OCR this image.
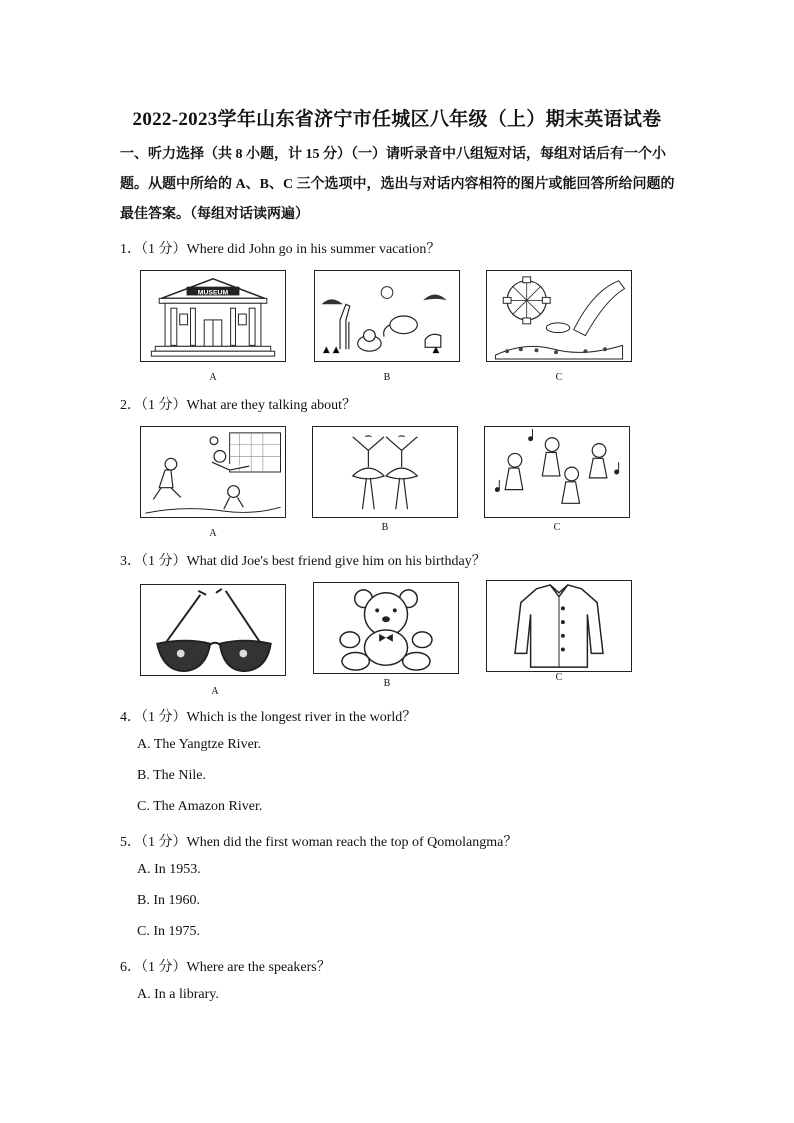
2022-2023学年山东省济宁市任城区八年级（上）期末英语试卷
一、听力选择（共 8 小题，计 15 分）（一）请听录音中八组短对话，每组对话后有一个小
题。从题中所给的 A、B、C 三个选项中，选出与对话内容相符的图片或能回答所给问题的
最佳答案。（每组对话读两遍）
1．（1 分）Where did John go in his summer vacation？
MUSEUM
A	B	C
2．（1 分）What are they talking about？
A
B	C
3．（1 分）What did Joe's best friend give him on his birthday？
A
B
C
4．（1 分）Which is the longest river in the world？
A. The Yangtze River.
B. The Nile.
C. The Amazon River.
5．（1 分）When did the first woman reach the top of Qomolangma？
A. In 1953.
B. In 1960.
C. In 1975.
6．（1 分）Where are the speakers？
A. In a library.
